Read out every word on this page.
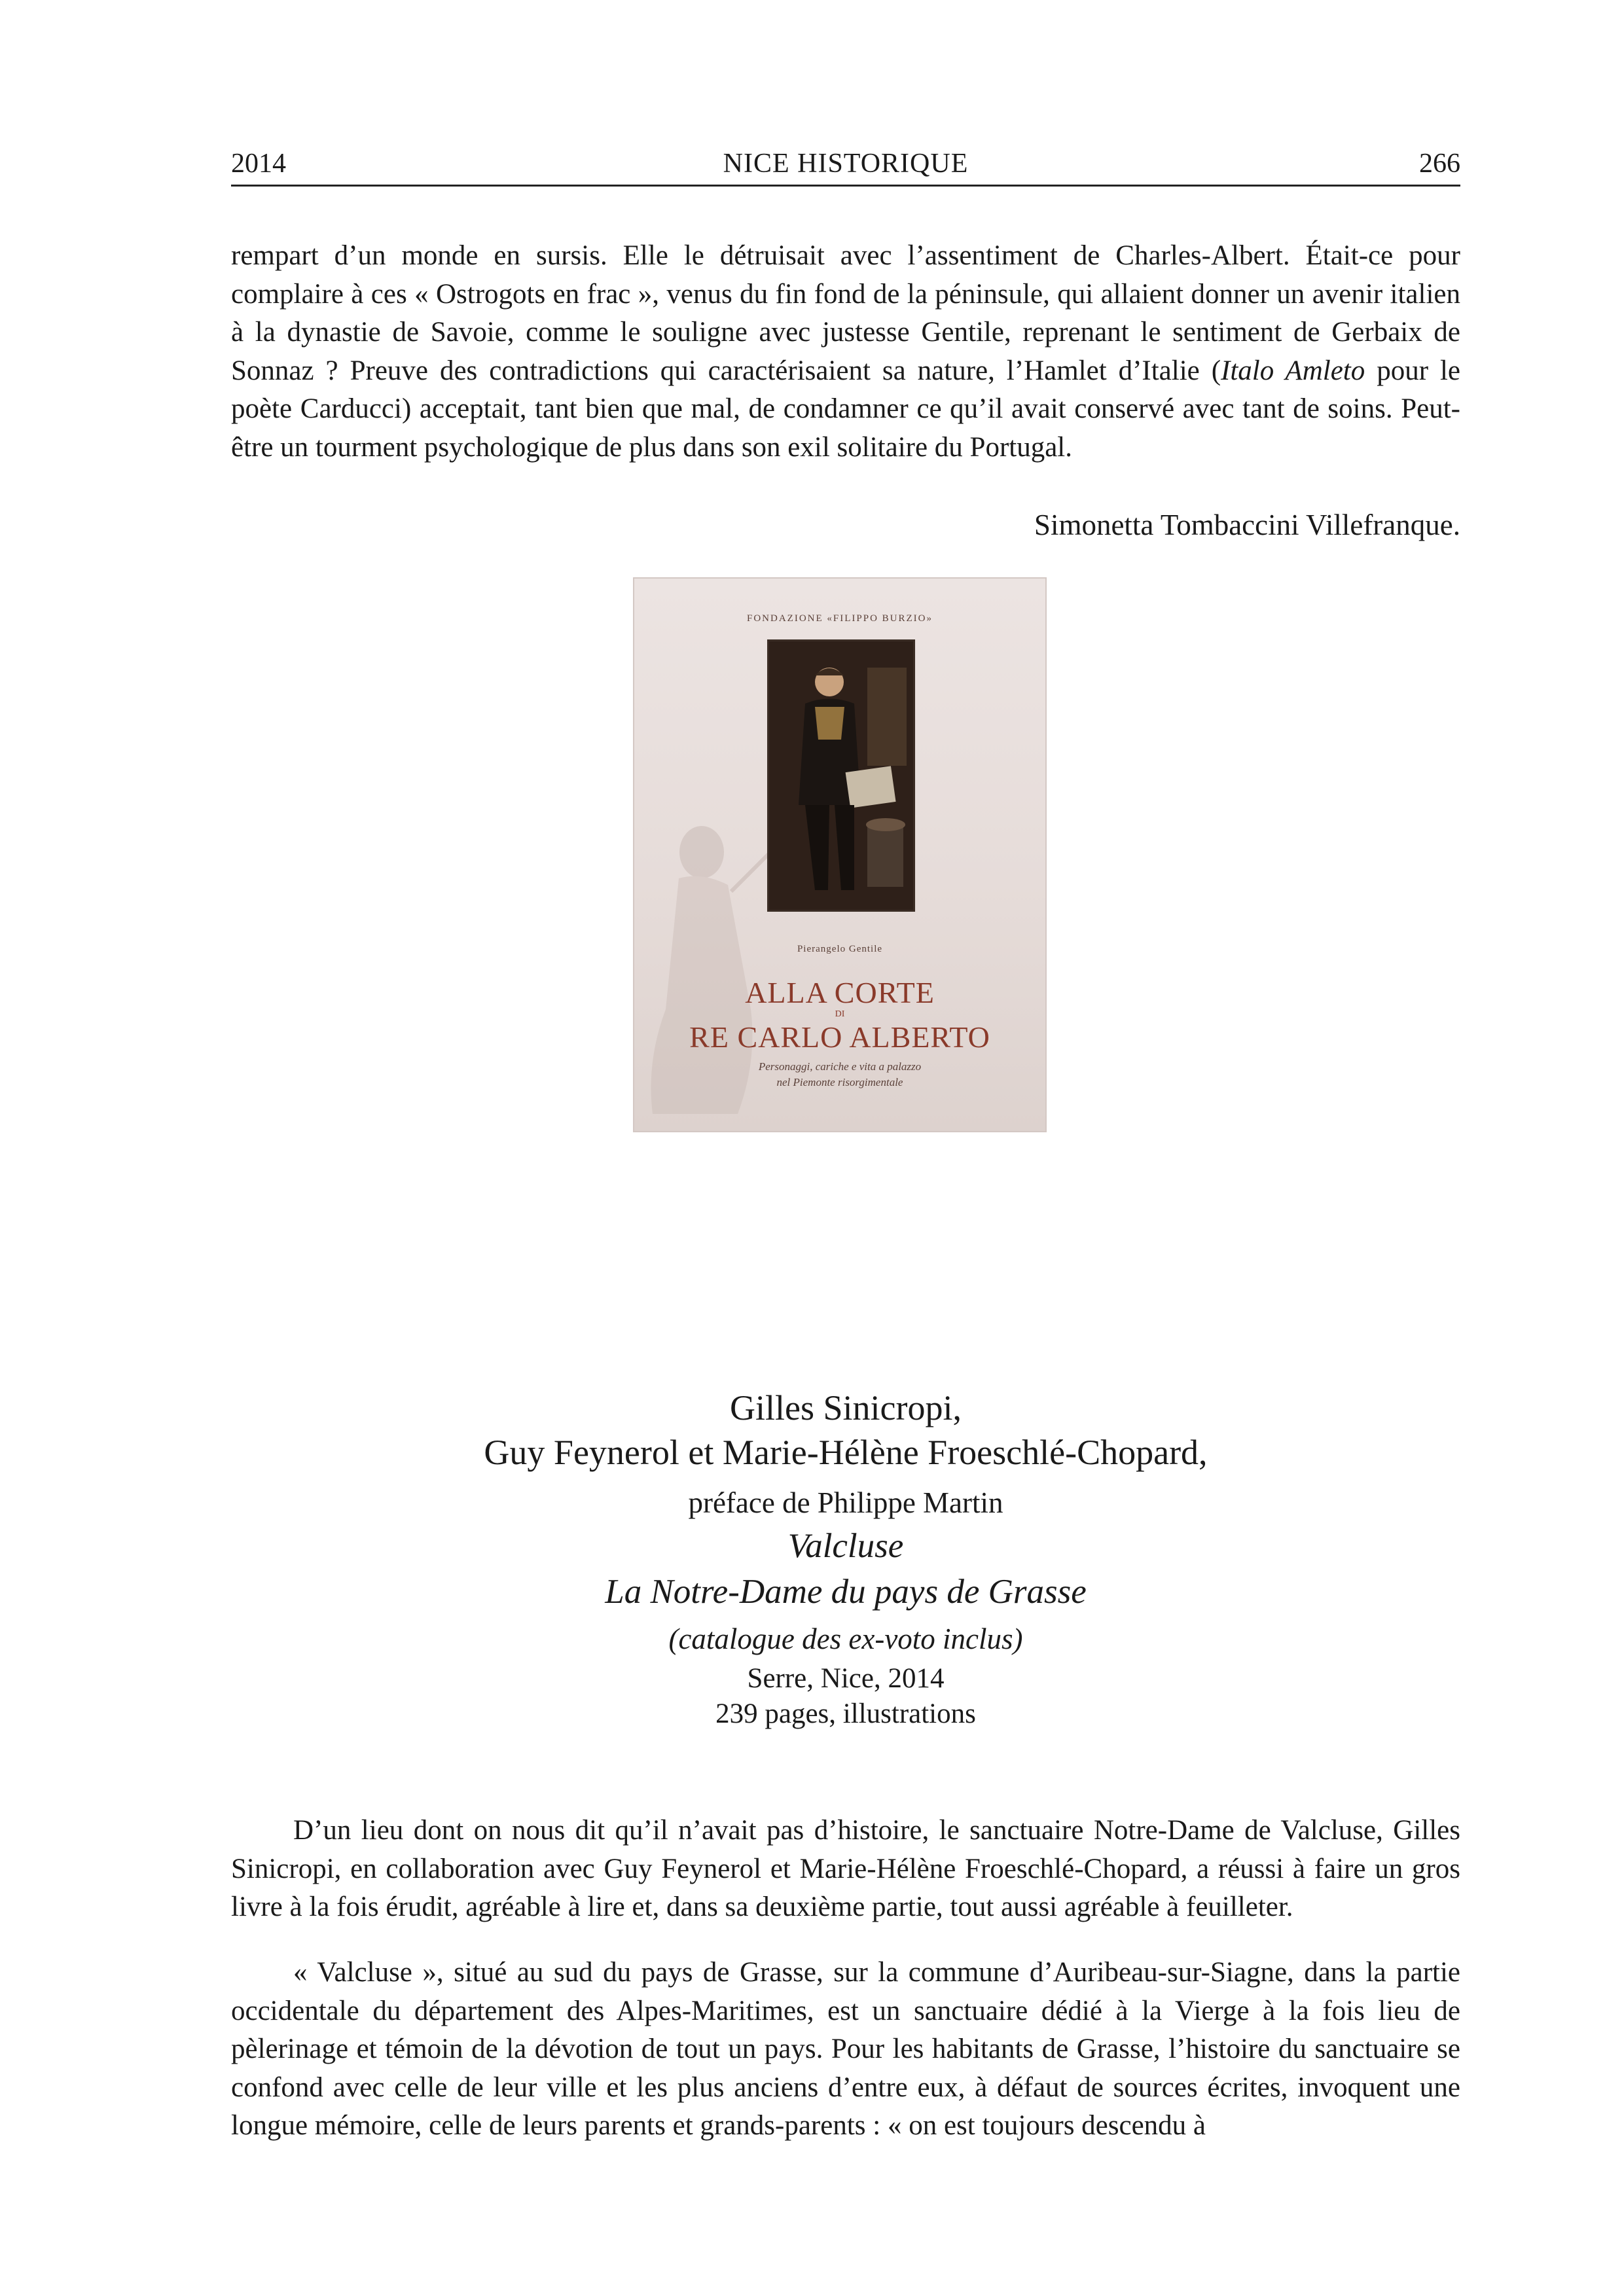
2014	NICE HISTORIQUE	266
rempart d’un monde en sursis. Elle le détruisait avec l’assentiment de Charles-Albert. Était-ce pour complaire à ces « Ostrogots en frac », venus du fin fond de la péninsule, qui allaient donner un avenir italien à la dynastie de Savoie, comme le souligne avec justesse Gentile, reprenant le sentiment de Gerbaix de Sonnaz ? Preuve des contradictions qui caractérisaient sa nature, l’Hamlet d’Italie (Italo Amleto pour le poète Carducci) acceptait, tant bien que mal, de condamner ce qu’il avait conservé avec tant de soins. Peut-être un tourment psychologique de plus dans son exil solitaire du Portugal.
Simonetta Tombaccini Villefranque.
FONDAZIONE «FILIPPO BURZIO»
Pierangelo Gentile
ALLA CORTE
DI
RE CARLO ALBERTO
Personaggi, cariche e vita a palazzo
nel Piemonte risorgimentale
Gilles Sinicropi,
Guy Feynerol et Marie-Hélène Froeschlé-Chopard,
préface de Philippe Martin
Valcluse
La Notre-Dame du pays de Grasse
(catalogue des ex-voto inclus)
Serre, Nice, 2014
239 pages, illustrations
D’un lieu dont on nous dit qu’il n’avait pas d’histoire, le sanctuaire Notre-Dame de Valcluse, Gilles Sinicropi, en collaboration avec Guy Feynerol et Marie-Hélène Froeschlé-Chopard, a réussi à faire un gros livre à la fois érudit, agréable à lire et, dans sa deuxième partie, tout aussi agréable à feuilleter.
« Valcluse », situé au sud du pays de Grasse, sur la commune d’Auribeau-sur-Siagne, dans la partie occidentale du département des Alpes-Maritimes, est un sanctuaire dédié à la Vierge à la fois lieu de pèlerinage et témoin de la dévotion de tout un pays. Pour les habitants de Grasse, l’histoire du sanctuaire se confond avec celle de leur ville et les plus anciens d’entre eux, à défaut de sources écrites, invoquent une longue mémoire, celle de leurs parents et grands-parents : « on est toujours descendu à
